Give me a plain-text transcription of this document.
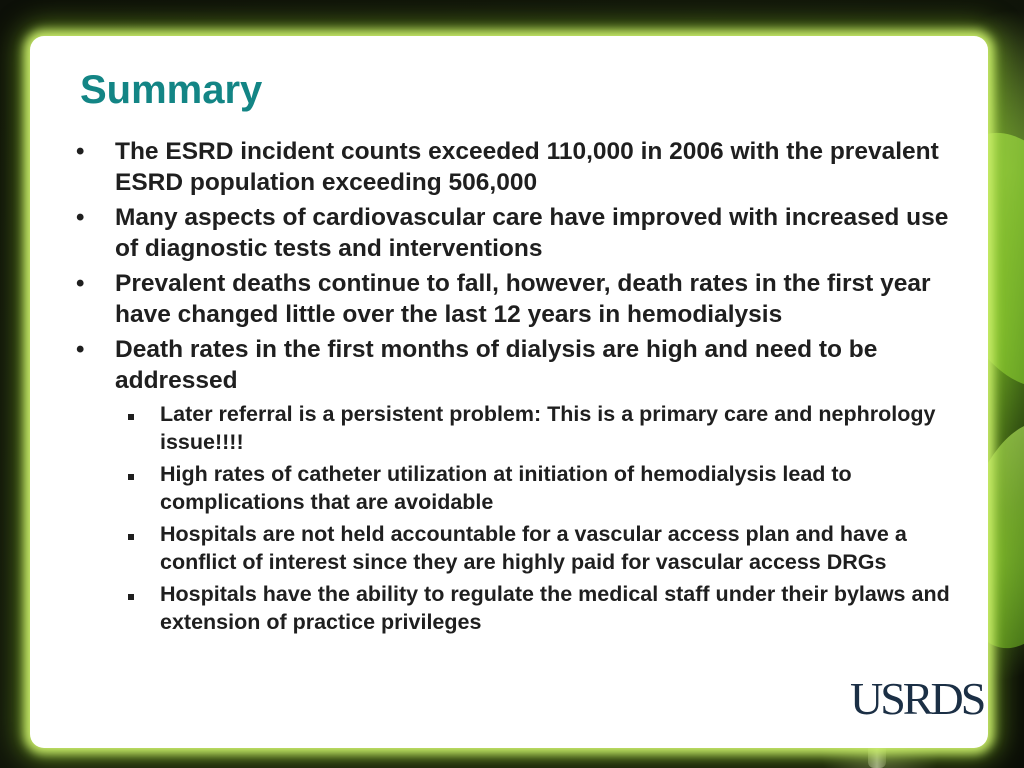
Summary
•	The ESRD incident counts exceeded 110,000 in 2006 with the prevalent ESRD population exceeding 506,000
•	Many aspects of cardiovascular care have improved with increased use of diagnostic tests and interventions
•	Prevalent deaths continue to fall, however, death rates in the first year have changed little over the last 12 years in hemodialysis
•	Death rates in the first months of dialysis are high and need to be addressed
Later referral is a persistent problem: This is a primary care and nephrology issue!!!!
High rates of catheter utilization at initiation of hemodialysis lead to complications that are avoidable
Hospitals are not held accountable for a vascular access plan and have a conflict of interest since they are highly paid for vascular access DRGs
Hospitals have the ability to regulate the medical staff under their bylaws and extension of practice privileges
USRDS
